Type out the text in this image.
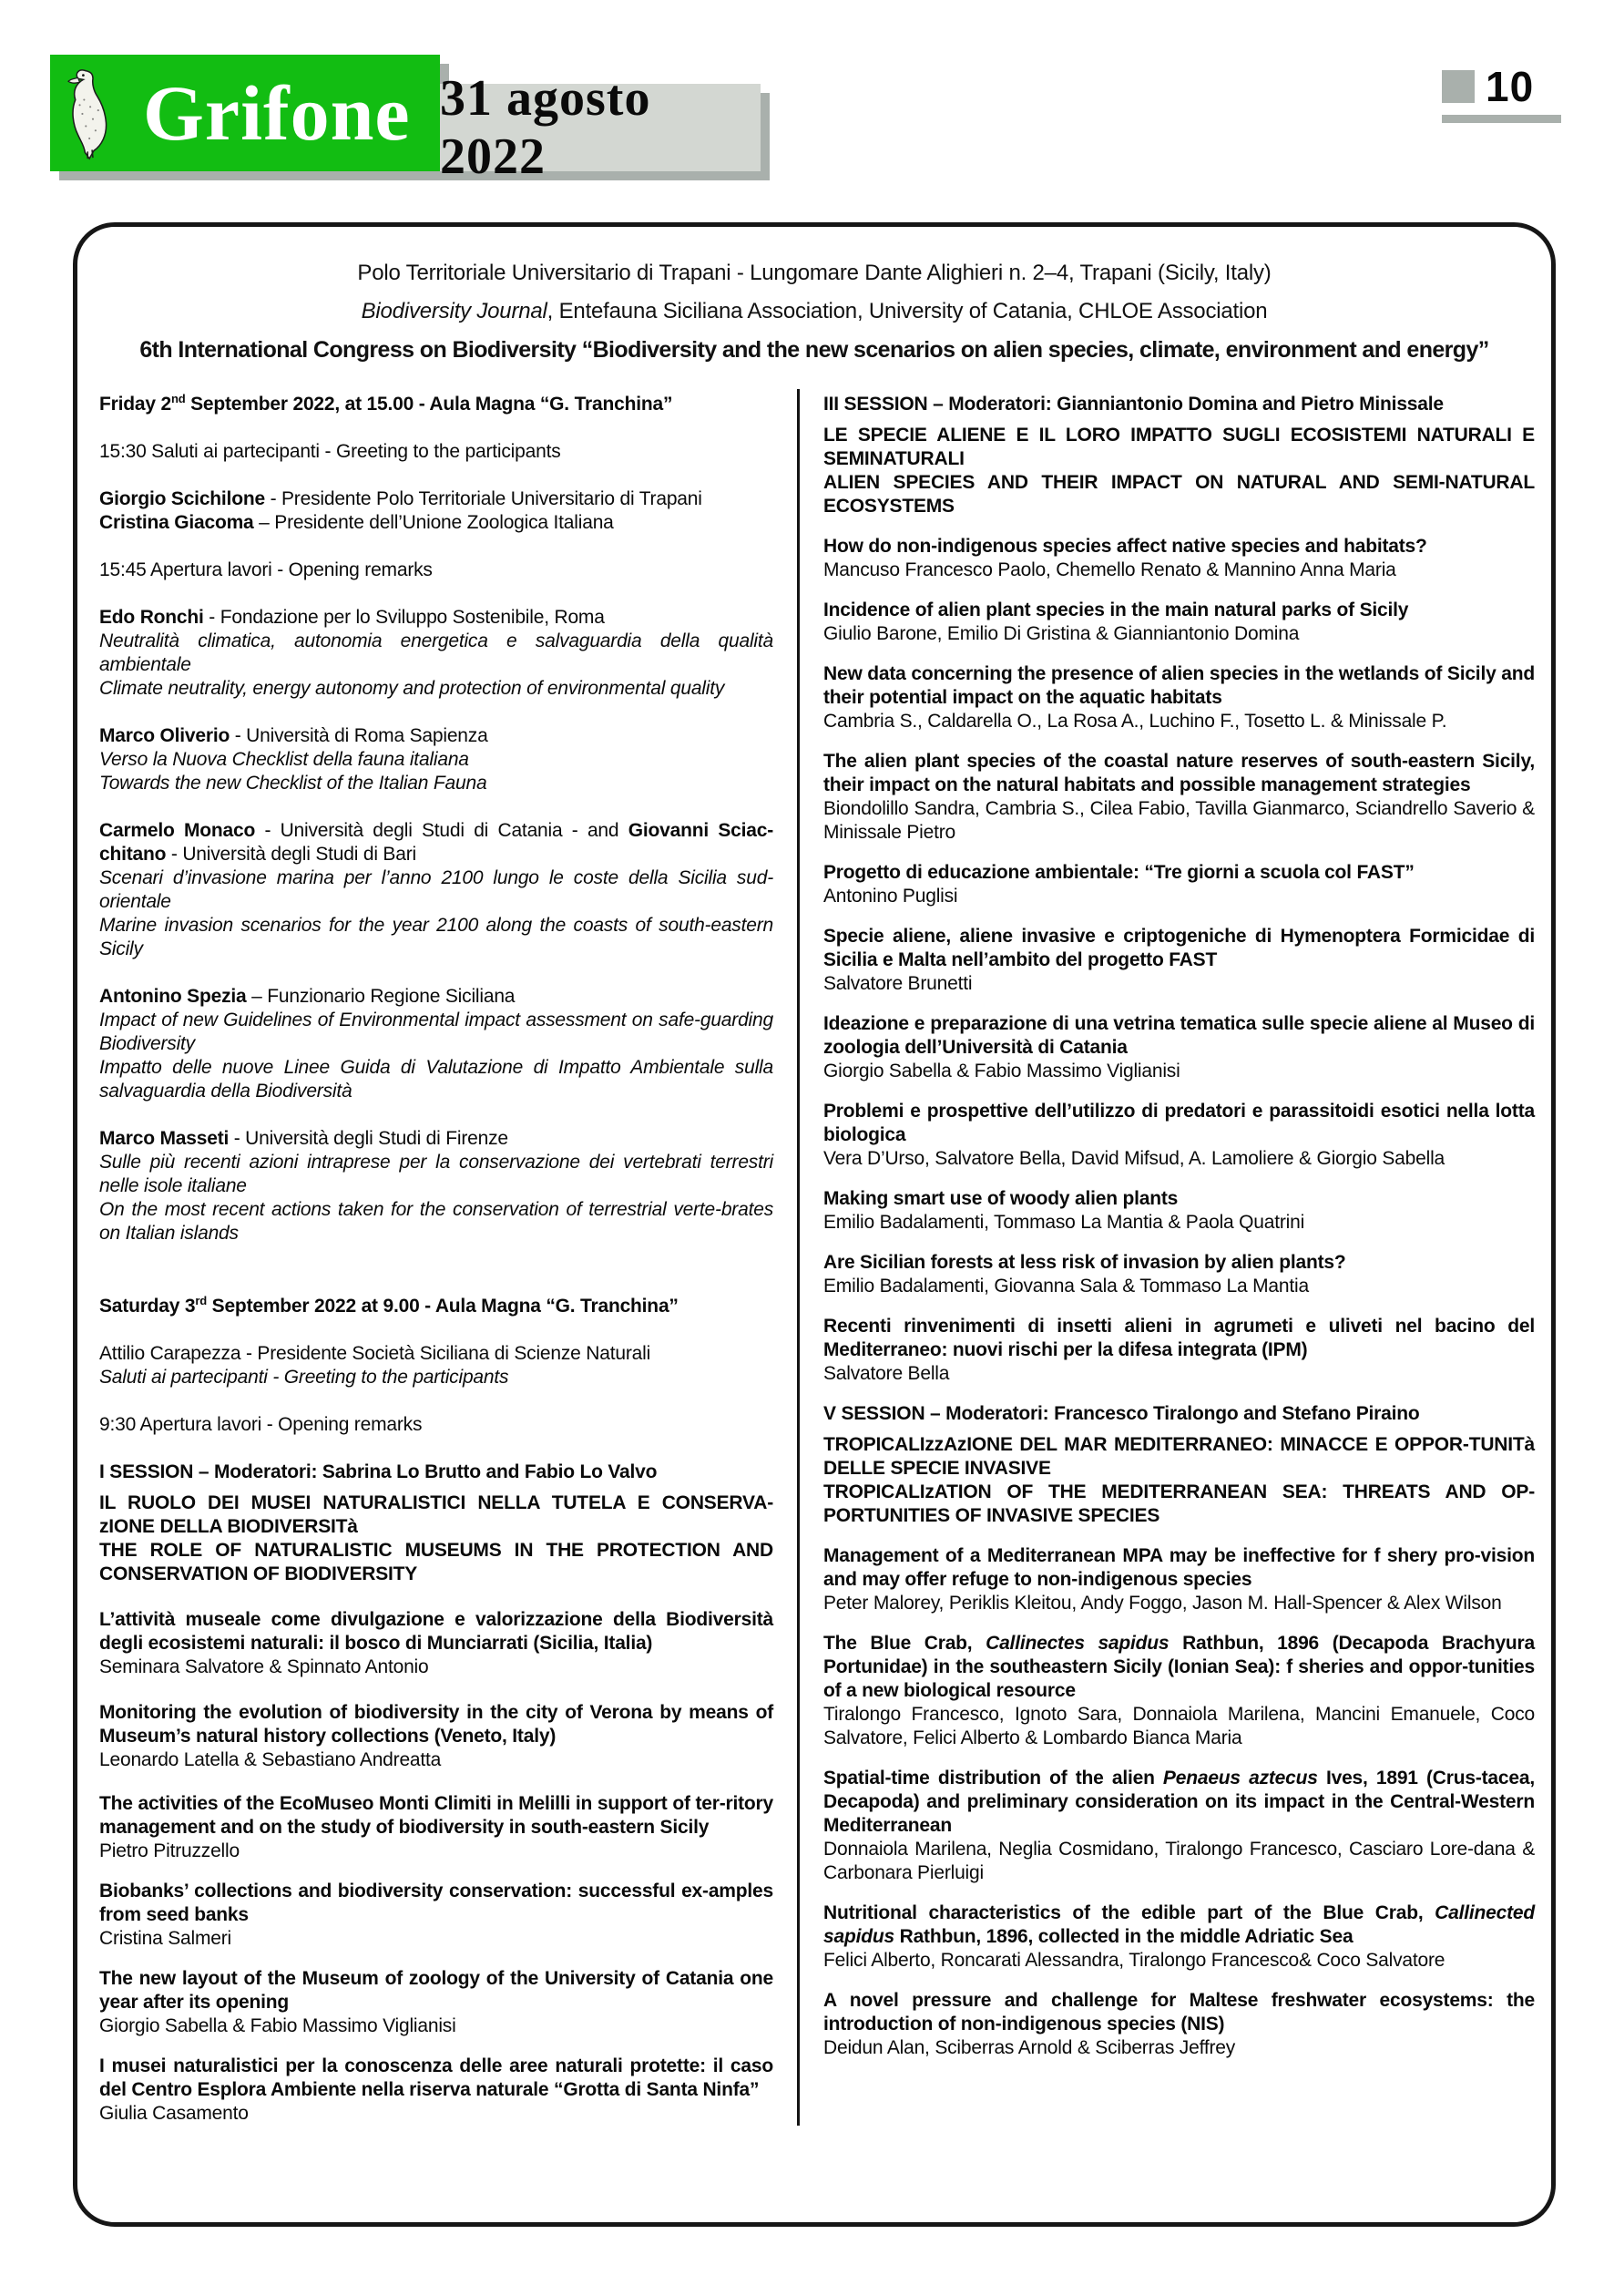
Grifone 31 agosto 2022
10
Polo Territoriale Universitario di Trapani - Lungomare Dante Alighieri n. 2–4, Trapani (Sicily, Italy)
Biodiversity Journal, Entefauna Siciliana Association, University of Catania, CHLOE Association
6th International Congress on Biodiversity “Biodiversity and the new scenarios on alien species, climate, environment and energy”

Friday 2nd September 2022, at 15.00 - Aula Magna “G. Tranchina”

15:30 Saluti ai partecipanti - Greeting to the participants

Giorgio Scichilone - Presidente Polo Territoriale Universitario di Trapani

Cristina Giacoma – Presidente dell’Unione Zoologica Italiana

15:45 Apertura lavori - Opening remarks

Edo Ronchi - Fondazione per lo Sviluppo Sostenibile, Roma

Neutralità climatica, autonomia energetica e salvaguardia della qualità ambientale

Climate neutrality, energy autonomy and protection of environmental quality

Marco Oliverio - Università di Roma Sapienza

Verso la Nuova Checklist della fauna italiana

Towards the new Checklist of the Italian Fauna

Carmelo Monaco - Università degli Studi di Catania - and Giovanni Sciac-chitano - Università degli Studi di Bari

Scenari d’invasione marina per l’anno 2100 lungo le coste della Sicilia sud-orientale

Marine invasion scenarios for the year 2100 along the coasts of south-eastern Sicily

Antonino Spezia – Funzionario Regione Siciliana

Impact of new Guidelines of Environmental impact assessment on safe-guarding Biodiversity

Impatto delle nuove Linee Guida di Valutazione di Impatto Ambientale sulla salvaguardia della Biodiversità

Marco Masseti - Università degli Studi di Firenze

Sulle più recenti azioni intraprese per la conservazione dei vertebrati terrestri nelle isole italiane

On the most recent actions taken for the conservation of terrestrial verte-brates on Italian islands

Saturday 3rd September 2022 at 9.00 - Aula Magna “G. Tranchina”

Attilio Carapezza - Presidente Società Siciliana di Scienze Naturali

Saluti ai partecipanti - Greeting to the participants

9:30 Apertura lavori - Opening remarks

I SESSION – Moderatori: Sabrina Lo Brutto and Fabio Lo Valvo

IL RUOLO DEI MUSEI NATURALISTICI NELLA TUTELA E CONSERVA-zIONE DELLA BIODIVERSITà

THE ROLE OF NATURALISTIC MUSEUMS IN THE PROTECTION AND CONSERVATION OF BIODIVERSITY

L’attività museale come divulgazione e valorizzazione della Biodiversità degli ecosistemi naturali: il bosco di Munciarrati (Sicilia, Italia)

Seminara Salvatore & Spinnato Antonio

Monitoring the evolution of biodiversity in the city of Verona by means of Museum’s natural history collections (Veneto, Italy)

Leonardo Latella & Sebastiano Andreatta

The activities of the EcoMuseo Monti Climiti in Melilli in support of ter-ritory management and on the study of biodiversity in south-eastern Sicily

Pietro Pitruzzello

Biobanks’ collections and biodiversity conservation: successful ex-amples from seed banks

Cristina Salmeri

The new layout of the Museum of zoology of the University of Catania one year after its opening

Giorgio Sabella & Fabio Massimo Viglianisi

I musei naturalistici per la conoscenza delle aree naturali protette: il caso del Centro Esplora Ambiente nella riserva naturale “Grotta di Santa Ninfa”

Giulia Casamento

III SESSION – Moderatori: Gianniantonio Domina and Pietro Minissale

LE SPECIE ALIENE E IL LORO IMPATTO SUGLI ECOSISTEMI NATURALI E SEMINATURALI

ALIEN SPECIES AND THEIR IMPACT ON NATURAL AND SEMI-NATURAL ECOSYSTEMS

How do non-indigenous species affect native species and habitats?

Mancuso Francesco Paolo, Chemello Renato & Mannino Anna Maria

Incidence of alien plant species in the main natural parks of Sicily

Giulio Barone, Emilio Di Gristina & Gianniantonio Domina

New data concerning the presence of alien species in the wetlands of Sicily and their potential impact on the aquatic habitats

Cambria S., Caldarella O., La Rosa A., Luchino F., Tosetto L. & Minissale P.

The alien plant species of the coastal nature reserves of south-eastern Sicily, their impact on the natural habitats and possible management strategies

Biondolillo Sandra, Cambria S., Cilea Fabio, Tavilla Gianmarco, Sciandrello Saverio & Minissale Pietro

Progetto di educazione ambientale: “Tre giorni a scuola col FAST”

Antonino Puglisi

Specie aliene, aliene invasive e criptogeniche di Hymenoptera Formicidae di Sicilia e Malta nell’ambito del progetto FAST

Salvatore Brunetti

Ideazione e preparazione di una vetrina tematica sulle specie aliene al Museo di zoologia dell’Università di Catania

Giorgio Sabella & Fabio Massimo Viglianisi

Problemi e prospettive dell’utilizzo di predatori e parassitoidi esotici nella lotta biologica

Vera D’Urso, Salvatore Bella, David Mifsud, A. Lamoliere & Giorgio Sabella

Making smart use of woody alien plants

Emilio Badalamenti, Tommaso La Mantia & Paola Quatrini

Are Sicilian forests at less risk of invasion by alien plants?

Emilio Badalamenti, Giovanna Sala & Tommaso La Mantia

Recenti rinvenimenti di insetti alieni in agrumeti e uliveti nel bacino del Mediterraneo: nuovi rischi per la difesa integrata (IPM)

Salvatore Bella

V SESSION – Moderatori: Francesco Tiralongo and Stefano Piraino

TROPICALIzzAzIONE DEL MAR MEDITERRANEO: MINACCE E OPPOR-TUNITà DELLE SPECIE INVASIVE

TROPICALIzATION OF THE MEDITERRANEAN SEA: THREATS AND OP-PORTUNITIES OF INVASIVE SPECIES

Management of a Mediterranean MPA may be ineffective for f shery pro-vision and may offer refuge to non-indigenous species

Peter Malorey, Periklis Kleitou, Andy Foggo, Jason M. Hall-Spencer & Alex Wilson

The Blue Crab, Callinectes sapidus Rathbun, 1896 (Decapoda Brachyura Portunidae) in the southeastern Sicily (Ionian Sea): f sheries and oppor-tunities of a new biological resource

Tiralongo Francesco, Ignoto Sara, Donnaiola Marilena, Mancini Emanuele, Coco Salvatore, Felici Alberto & Lombardo Bianca Maria

Spatial-time distribution of the alien Penaeus aztecus Ives, 1891 (Crus-tacea, Decapoda) and preliminary consideration on its impact in the Central-Western Mediterranean

Donnaiola Marilena, Neglia Cosmidano, Tiralongo Francesco, Casciaro Lore-dana & Carbonara Pierluigi

Nutritional characteristics of the edible part of the Blue Crab, Callinected sapidus Rathbun, 1896, collected in the middle Adriatic Sea

Felici Alberto, Roncarati Alessandra, Tiralongo Francesco& Coco Salvatore

A novel pressure and challenge for Maltese freshwater ecosystems: the introduction of non-indigenous species (NIS)

Deidun Alan, Sciberras Arnold & Sciberras Jeffrey
